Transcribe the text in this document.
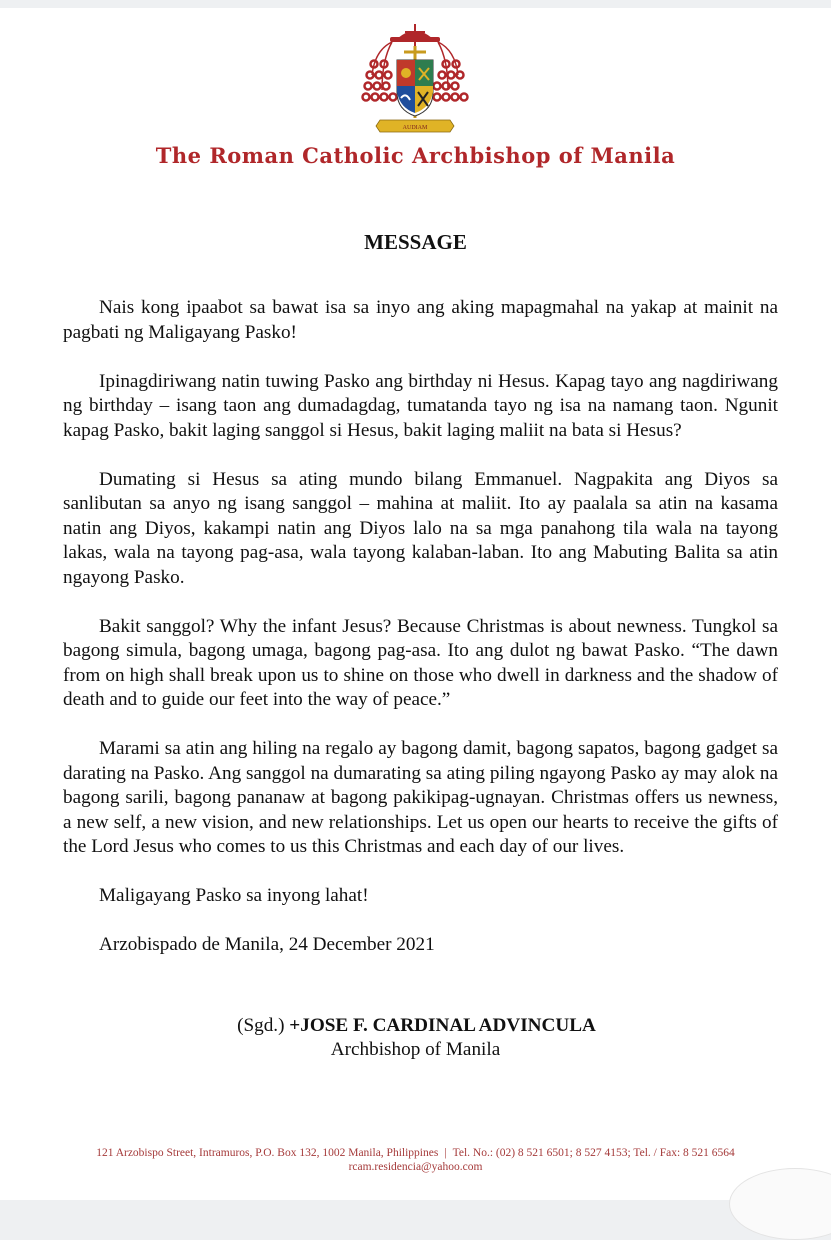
AUDIAM
The Roman Catholic Archbishop of Manila
MESSAGE

Nais kong ipaabot sa bawat isa sa inyo ang aking mapagmahal na yakap at mainit na pagbati ng Maligayang Pasko!

Ipinagdiriwang natin tuwing Pasko ang birthday ni Hesus. Kapag tayo ang nagdiriwang ng birthday – isang taon ang dumadagdag, tumatanda tayo ng isa na namang taon. Ngunit kapag Pasko, bakit laging sanggol si Hesus, bakit laging maliit na bata si Hesus?

Dumating si Hesus sa ating mundo bilang Emmanuel. Nagpakita ang Diyos sa sanlibutan sa anyo ng isang sanggol – mahina at maliit. Ito ay paalala sa atin na kasama natin ang Diyos, kakampi natin ang Diyos lalo na sa mga panahong tila wala na tayong lakas, wala na tayong pag-asa, wala tayong kalaban-laban. Ito ang Mabuting Balita sa atin ngayong Pasko.

Bakit sanggol? Why the infant Jesus? Because Christmas is about newness. Tungkol sa bagong simula, bagong umaga, bagong pag-asa. Ito ang dulot ng bawat Pasko. “The dawn from on high shall break upon us to shine on those who dwell in darkness and the shadow of death and to guide our feet into the way of peace.”

Marami sa atin ang hiling na regalo ay bagong damit, bagong sapatos, bagong gadget sa darating na Pasko. Ang sanggol na dumarating sa ating piling ngayong Pasko ay may alok na bagong sarili, bagong pananaw at bagong pakikipag-ugnayan. Christmas offers us newness, a new self, a new vision, and new relationships. Let us open our hearts to receive the gifts of the Lord Jesus who comes to us this Christmas and each day of our lives.

Maligayang Pasko sa inyong lahat!

Arzobispado de Manila, 24 December 2021

(Sgd.) +JOSE F. CARDINAL ADVINCULA
Archbishop of Manila
121 Arzobispo Street, Intramuros, P.O. Box 132, 1002 Manila, Philippines | Tel. No.: (02) 8 521 6501; 8 527 4153; Tel. / Fax: 8 521 6564
rcam.residencia@yahoo.com
